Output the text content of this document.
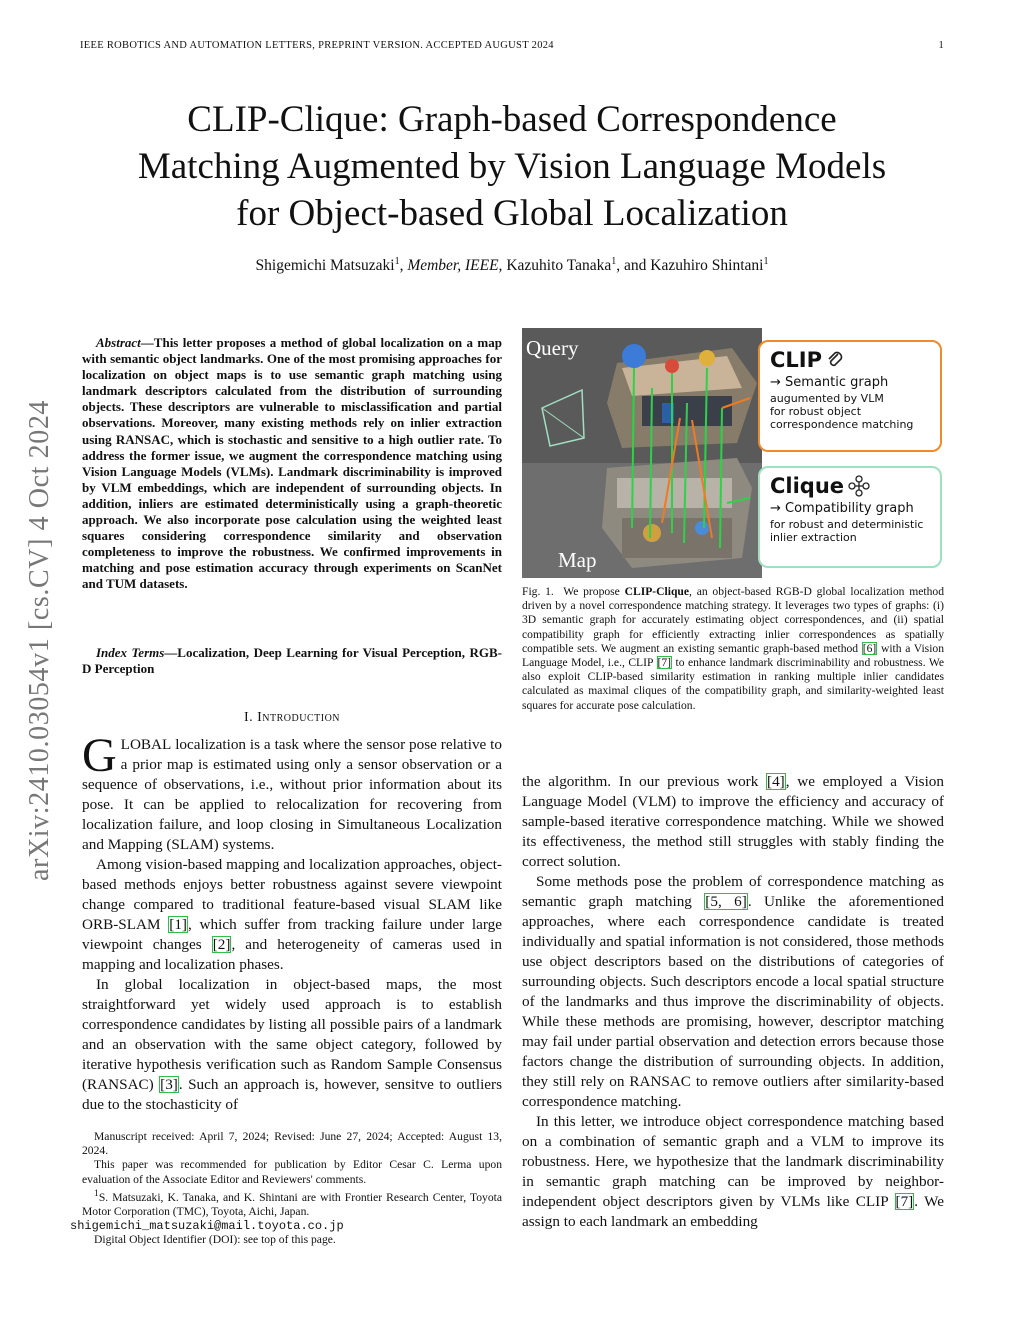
IEEE ROBOTICS AND AUTOMATION LETTERS, PREPRINT VERSION. ACCEPTED AUGUST 2024	1
CLIP-Clique: Graph-based Correspondence
Matching Augmented by Vision Language Models
for Object-based Global Localization
Shigemichi Matsuzaki$^1$, Member, IEEE, Kazuhito Tanaka$^1$, and Kazuhiro Shintani$^1$
arXiv:2410.03054v1 [cs.CV] 4 Oct 2024
Abstract—This letter proposes a method of global localization on a map with semantic object landmarks. One of the most promising approaches for localization on object maps is to use semantic graph matching using landmark descriptors calculated from the distribution of surrounding objects. These descriptors are vulnerable to misclassification and partial observations. Moreover, many existing methods rely on inlier extraction using RANSAC, which is stochastic and sensitive to a high outlier rate. To address the former issue, we augment the correspondence matching using Vision Language Models (VLMs). Landmark discriminability is improved by VLM embeddings, which are independent of surrounding objects. In addition, inliers are estimated deterministically using a graph-theoretic approach. We also incorporate pose calculation using the weighted least squares considering correspondence similarity and observation completeness to improve the robustness. We confirmed improvements in matching and pose estimation accuracy through experiments on ScanNet and TUM datasets.
Index Terms—Localization, Deep Learning for Visual Perception, RGB-D Perception
I. Introduction

GLOBAL localization is a task where the sensor pose relative to a prior map is estimated using only a sensor observation or a sequence of observations, i.e., without prior information about its pose. It can be applied to relocalization for recovering from localization failure, and loop closing in Simultaneous Localization and Mapping (SLAM) systems.

Among vision-based mapping and localization approaches, object-based methods enjoys better robustness against severe viewpoint change compared to traditional feature-based visual SLAM like ORB-SLAM [1], which suffer from tracking failure under large viewpoint changes [2], and heterogeneity of cameras used in mapping and localization phases.

In global localization in object-based maps, the most straightforward yet widely used approach is to establish correspondence candidates by listing all possible pairs of a landmark and an observation with the same object category, followed by iterative hypothesis verification such as Random Sample Consensus (RANSAC) [3]. Such an approach is, however, sensitve to outliers due to the stochasticity of

Manuscript received: April 7, 2024; Revised: June 27, 2024; Accepted: August 13, 2024.

This paper was recommended for publication by Editor Cesar C. Lerma upon evaluation of the Associate Editor and Reviewers' comments.

$^1$S. Matsuzaki, K. Tanaka, and K. Shintani are with Frontier Research Center, Toyota Motor Corporation (TMC), Toyota, Aichi, Japan.
shigemichi_matsuzaki@mail.toyota.co.jp

Digital Object Identifier (DOI): see top of this page.

Query
Map
CLIP
→ Semantic graph
augumented by VLM
for robust object
correspondence matching
Clique
→ Compatibility graph
for robust and deterministic
inlier extraction
Fig. 1. We propose CLIP-Clique, an object-based RGB-D global localization method driven by a novel correspondence matching strategy. It leverages two types of graphs: (i) 3D semantic graph for accurately estimating object correspondences, and (ii) spatial compatibility graph for efficiently extracting inlier correspondences as spatially compatible sets. We augment an existing semantic graph-based method [6] with a Vision Language Model, i.e., CLIP [7] to enhance landmark discriminability and robustness. We also exploit CLIP-based similarity estimation in ranking multiple inlier candidates calculated as maximal cliques of the compatibility graph, and similarity-weighted least squares for accurate pose calculation.

the algorithm. In our previous work [4], we employed a Vision Language Model (VLM) to improve the efficiency and accuracy of sample-based iterative correspondence matching. While we showed its effectiveness, the method still struggles with stably finding the correct solution.

Some methods pose the problem of correspondence matching as semantic graph matching [5, 6]. Unlike the aforementioned approaches, where each correspondence candidate is treated individually and spatial information is not considered, those methods use object descriptors based on the distributions of categories of surrounding objects. Such descriptors encode a local spatial structure of the landmarks and thus improve the discriminability of objects. While these methods are promising, however, descriptor matching may fail under partial observation and detection errors because those factors change the distribution of surrounding objects. In addition, they still rely on RANSAC to remove outliers after similarity-based correspondence matching.

In this letter, we introduce object correspondence matching based on a combination of semantic graph and a VLM to improve its robustness. Here, we hypothesize that the landmark discriminability in semantic graph matching can be improved by neighbor-independent object descriptors given by VLMs like CLIP [7]. We assign to each landmark an embedding
